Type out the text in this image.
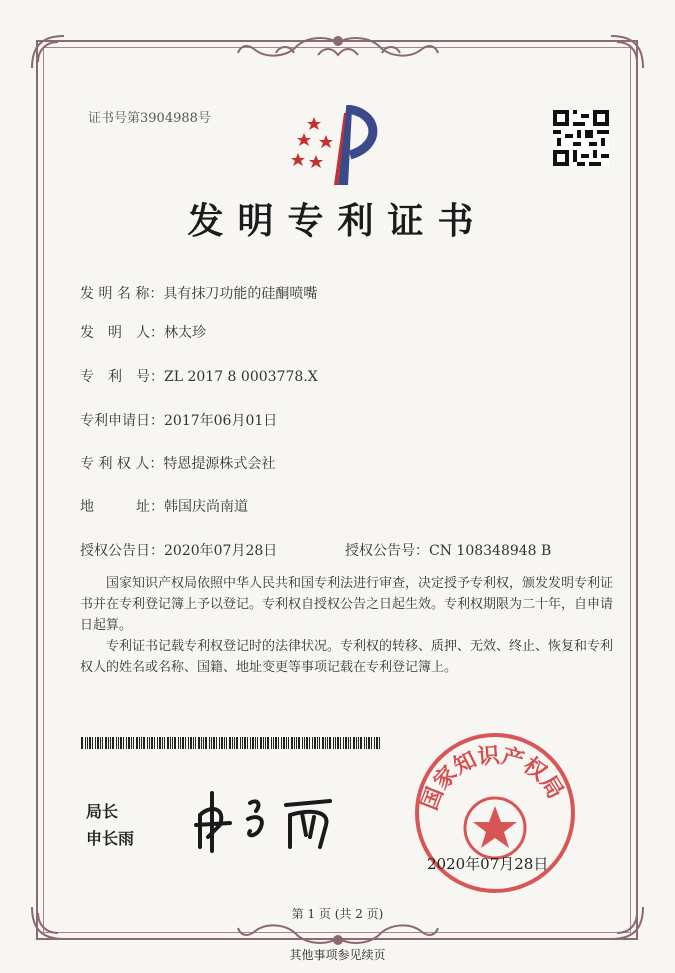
证书号第3904988号
发明专利证书
发 明 名 称：具有抹刀功能的硅酮喷嘴
发　明　人：林太珍
专　利　号：ZL 2017 8 0003778.X
专利申请日：2017年06月01日
专 利 权 人：特恩提源株式会社
地　　　址：韩国庆尚南道
授权公告日：2020年07月28日	授权公告号：CN 108348948 B
国家知识产权局依照中华人民共和国专利法进行审查，决定授予专利权，颁发发明专利证书并在专利登记簿上予以登记。专利权自授权公告之日起生效。专利权期限为二十年，自申请日起算。
专利证书记载专利权登记时的法律状况。专利权的转移、质押、无效、终止、恢复和专利权人的姓名或名称、国籍、地址变更等事项记载在专利登记簿上。
局长
申长雨
国家知识产权局
2020年07月28日
第 1 页 (共 2 页)
其他事项参见续页
